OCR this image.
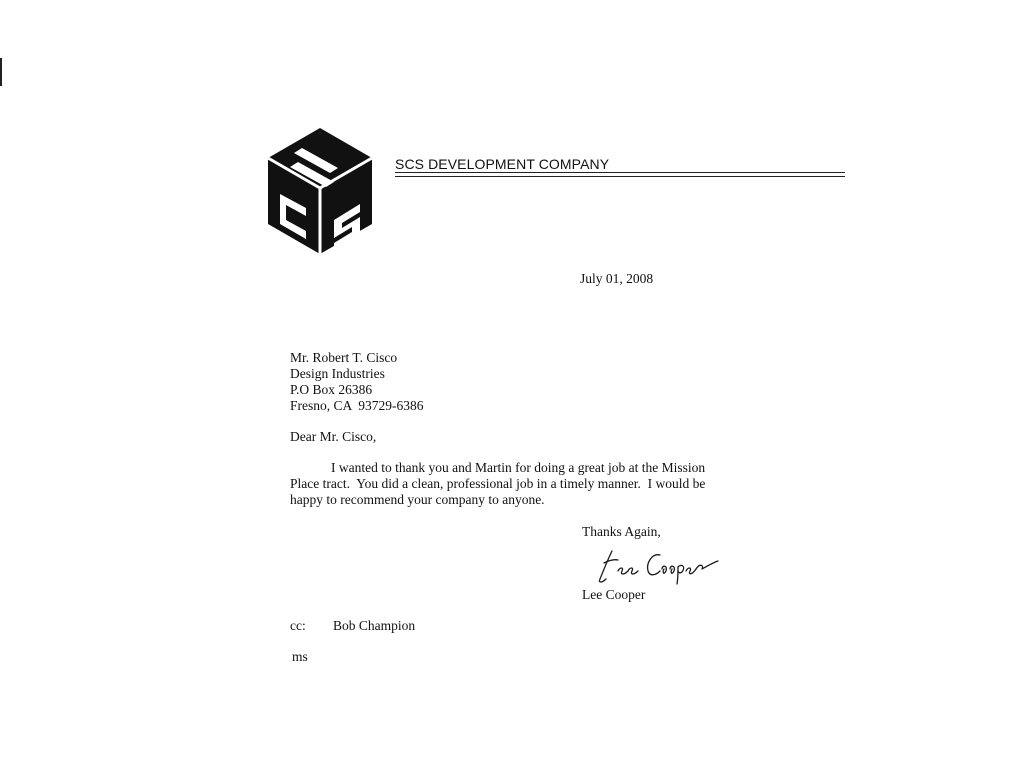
SCS DEVELOPMENT COMPANY
July 01, 2008
Mr. Robert T. Cisco
Design Industries
P.O Box 26386
Fresno, CA  93729-6386
Dear Mr. Cisco,
I wanted to thank you and Martin for doing a great job at the Mission
Place tract.  You did a clean, professional job in a timely manner.  I would be
happy to recommend your company to anyone.
Thanks Again,
Lee Cooper
cc: Bob Champion
ms
